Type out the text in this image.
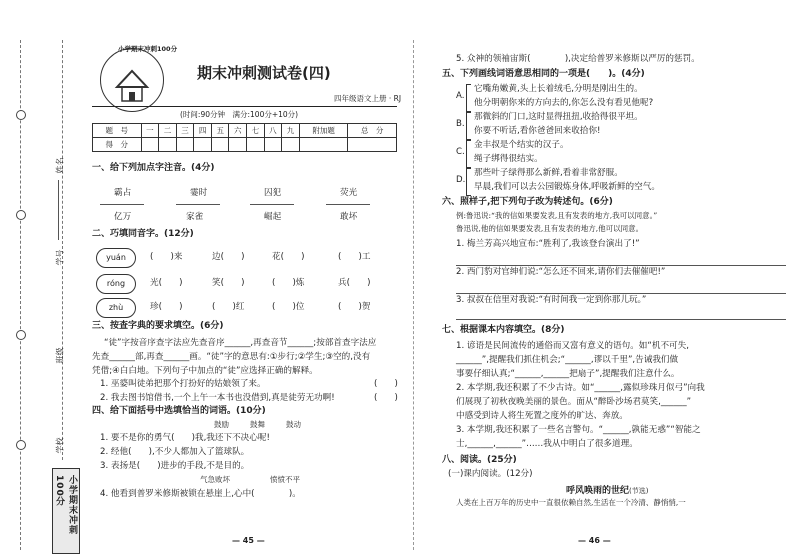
姓名
学号
班级
学校
小学期末冲刺100分
小学期末冲刺100分
期末冲刺测试卷(四)
四年级语文上册 · RJ
(时间:90分钟　满分:100分+10分)
题　号	一	二	三	四	五	六	七	八	九	附加题	总　分
得　分											
一、给下列加点字注音。(4分)
霸占	霎时	囚犯	荧光
亿万	家雀	崛起	敢坏
二、巧填同音字。(12分)
yuán	(　　)来	边(　　)	花(　　)	(　　)工
róng	光(　　)	笑(　　)	(　　)炼	兵(　　)
zhù	珍(　　)	(　　)红	(　　)位	(　　)贺
三、按查字典的要求填空。(6分)
“徒”字按音序查字法应先查音序______,再查音节______;按部首查字法应
先查______部,再查______画。“徒”字的意思有:①步行;②学生;③空的,没有
凭借;④白白地。下列句子中加点的“徒”应选择正确的解释。
1. 巫婆叫徒弟把那个打扮好的姑娘领了来。	(　　)
2. 我去图书馆借书,一个上午一本书也没借到,真是徒劳无功啊!	(　　)
四、给下面括号中选填恰当的词语。(10分)
鼓励	鼓舞	鼓动
1. 要不是你的勇气(　　)我,我还下不决心呢!
2. 经他(　　),不少人都加入了篮球队。
3. 表扬是(　　)进步的手段,不是目的。
气急败坏	愤愤不平
4. 他看到普罗米修斯被锁在悬崖上,心中(　　　　)。
— 45 —
5. 众神的领袖宙斯(　　　　),决定给普罗米修斯以严厉的惩罚。
五、下列画线词语意思相同的一项是(　　)。(4分)
A.
它嘴角嫩黄,头上长着绒毛,分明是刚出生的。
他分明朝你来的方向去的,你怎么没有看见他呢?
B.
那微斜的门口,这时显得扭扭,收拾得很平坦。
你要不听话,看你爸爸回来收拾你!
C.
金丰叔是个结实的汉子。
绳子绑得很结实。
D.
那些叶子绿得那么新鲜,看着非常舒服。
早晨,我们可以去公园锻炼身体,呼吸新鲜的空气。
六、照样子,把下列句子改为转述句。(6分)
例:鲁迅说:“我的信如果要发表,且有发表的地方,我可以同意。”
鲁迅说,他的信如果要发表,且有发表的地方,他可以同意。
1. 梅兰芳高兴地宣布:“胜利了,我该登台演出了!”
2. 西门豹对官绅们说:“怎么还不回来,请你们去催催吧!”
3. 叔叔在信里对我说:“有时间我一定到你那儿玩。”
七、根据课本内容填空。(8分)
1. 谚语是民间流传的通俗而又富有意义的语句。如“机不可失,
______”,提醒我们抓住机会;“______,谬以千里”,告诫我们做
事要仔细认真;“______,______把扇子”,提醒我们注意什么。
2. 本学期,我还积累了不少古诗。如“______,露似珍珠月似弓”向我
们展现了初秋夜晚美丽的景色。面从“醉卧沙场君莫笑,______”
中感受到诗人将生死置之度外的旷达、奔放。
3. 本学期,我还积累了一些名言警句。“______,孰能无惑”“智能之
士,______,______”……我从中明白了很多道理。
八、阅读。(25分)
(一)课内阅读。(12分)
呼风唤雨的世纪(节选)
人类在上百万年的历史中一直很依赖自然,生活在一个冷清、静悄悄,一
— 46 —
